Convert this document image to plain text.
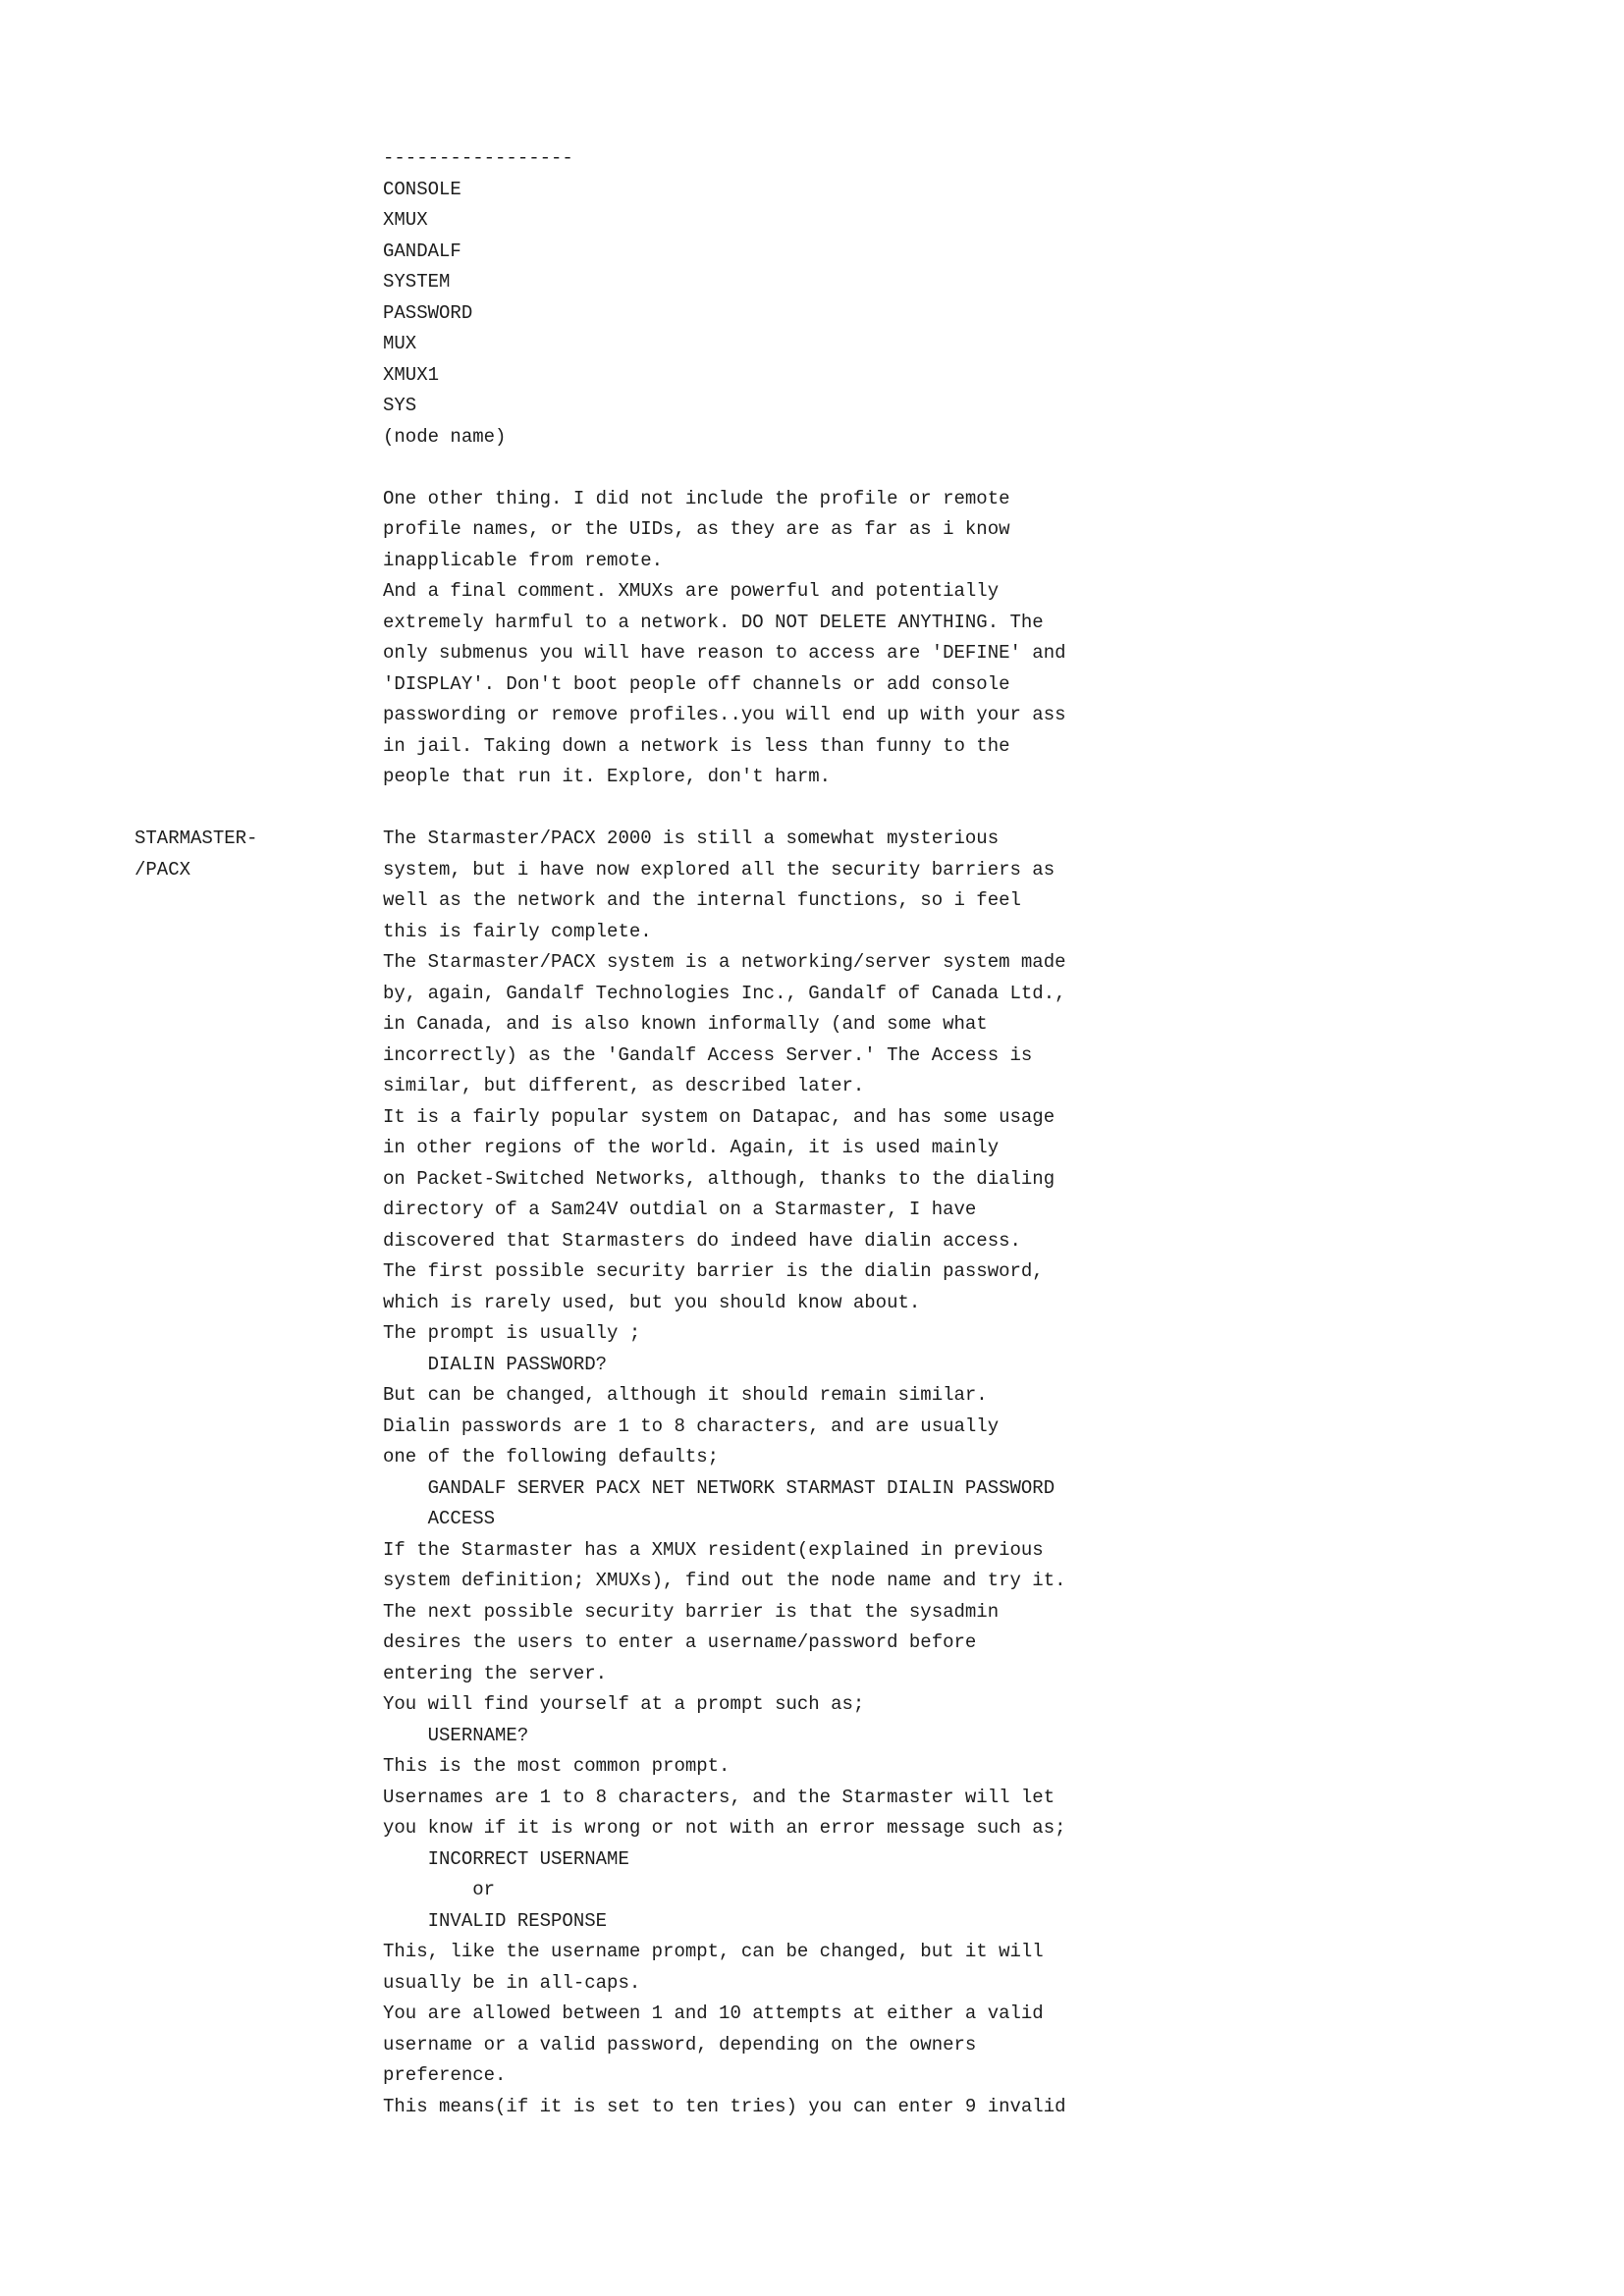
-----------------
CONSOLE
XMUX
GANDALF
SYSTEM
PASSWORD
MUX
XMUX1
SYS
(node name)

One other thing. I did not include the profile or remote
profile names, or the UIDs, as they are as far as i know
inapplicable from remote.
And a final comment. XMUXs are powerful and potentially
extremely harmful to a network. DO NOT DELETE ANYTHING. The
only submenus you will have reason to access are 'DEFINE' and
'DISPLAY'. Don't boot people off channels or add console
passwording or remove profiles..you will end up with your ass
in jail. Taking down a network is less than funny to the
people that run it. Explore, don't harm.
STARMASTER-
/PACX
The Starmaster/PACX 2000 is still a somewhat mysterious
system, but i have now explored all the security barriers as
well as the network and the internal functions, so i feel
this is fairly complete.
The Starmaster/PACX system is a networking/server system made
by, again, Gandalf Technologies Inc., Gandalf of Canada Ltd.,
in Canada, and is also known informally (and some what
incorrectly) as the 'Gandalf Access Server.' The Access is
similar, but different, as described later.
It is a fairly popular system on Datapac, and has some usage
in other regions of the world. Again, it is used mainly
on Packet-Switched Networks, although, thanks to the dialing
directory of a Sam24V outdial on a Starmaster, I have
discovered that Starmasters do indeed have dialin access.
The first possible security barrier is the dialin password,
which is rarely used, but you should know about.
The prompt is usually ;
DIALIN PASSWORD?
But can be changed, although it should remain similar.
Dialin passwords are 1 to 8 characters, and are usually
one of the following defaults;
GANDALF SERVER PACX NET NETWORK STARMAST DIALIN PASSWORD
ACCESS
If the Starmaster has a XMUX resident(explained in previous
system definition; XMUXs), find out the node name and try it.
The next possible security barrier is that the sysadmin
desires the users to enter a username/password before
entering the server.
You will find yourself at a prompt such as;
USERNAME?
This is the most common prompt.
Usernames are 1 to 8 characters, and the Starmaster will let
you know if it is wrong or not with an error message such as;
INCORRECT USERNAME
or
INVALID RESPONSE
This, like the username prompt, can be changed, but it will
usually be in all-caps.
You are allowed between 1 and 10 attempts at either a valid
username or a valid password, depending on the owners
preference.
This means(if it is set to ten tries) you can enter 9 invalid
